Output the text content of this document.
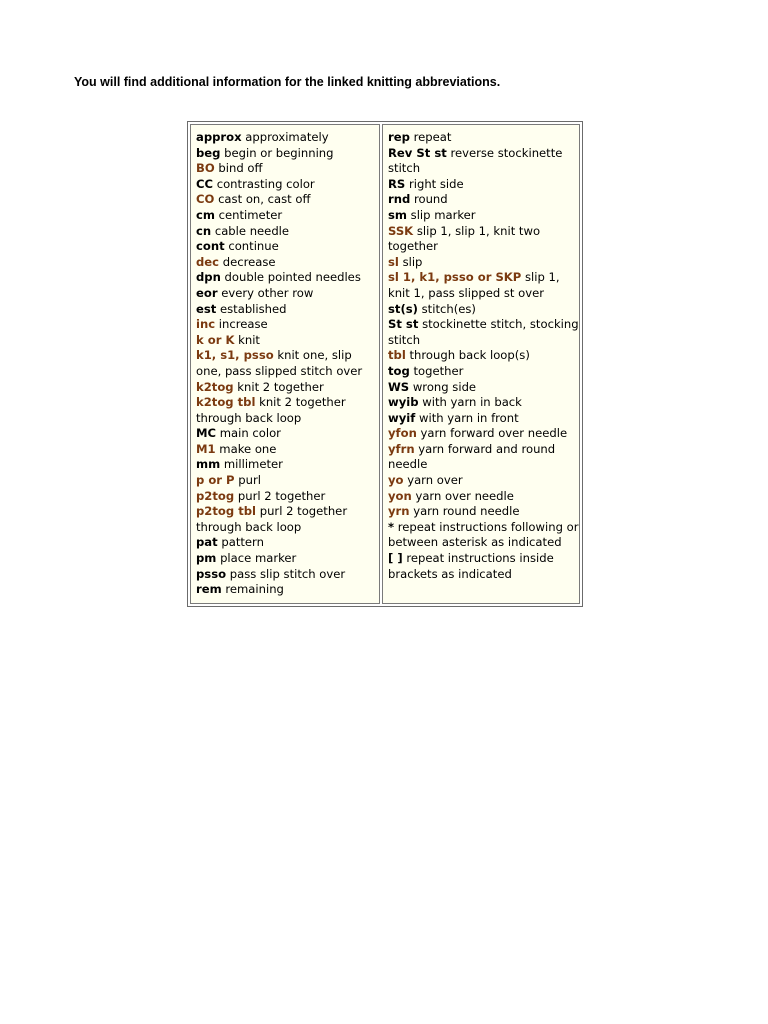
You will find additional information for the linked knitting abbreviations.

approx approximately

beg begin or beginning

BO bind off

CC contrasting color

CO cast on, cast off

cm centimeter

cn cable needle

cont continue

dec decrease

dpn double pointed needles

eor every other row

est established

inc increase

k or K knit

k1, s1, psso knit one, slip one, pass slipped stitch over

k2tog knit 2 together

k2tog tbl knit 2 together through back loop

MC main color

M1 make one

mm millimeter

p or P purl

p2tog purl 2 together

p2tog tbl purl 2 together through back loop

pat pattern

pm place marker

psso pass slip stitch over

rem remaining

rep repeat

Rev St st reverse stockinette stitch

RS right side

rnd round

sm slip marker

SSK slip 1, slip 1, knit two together

sl slip

sl 1, k1, psso or SKP slip 1, knit 1, pass slipped st over

st(s) stitch(es)

St st stockinette stitch, stocking stitch

tbl through back loop(s)

tog together

WS wrong side

wyib with yarn in back

wyif with yarn in front

yfon yarn forward over needle

yfrn yarn forward and round needle

yo yarn over

yon yarn over needle

yrn yarn round needle

* repeat instructions following or between asterisk as indicated

[ ] repeat instructions inside brackets as indicated
